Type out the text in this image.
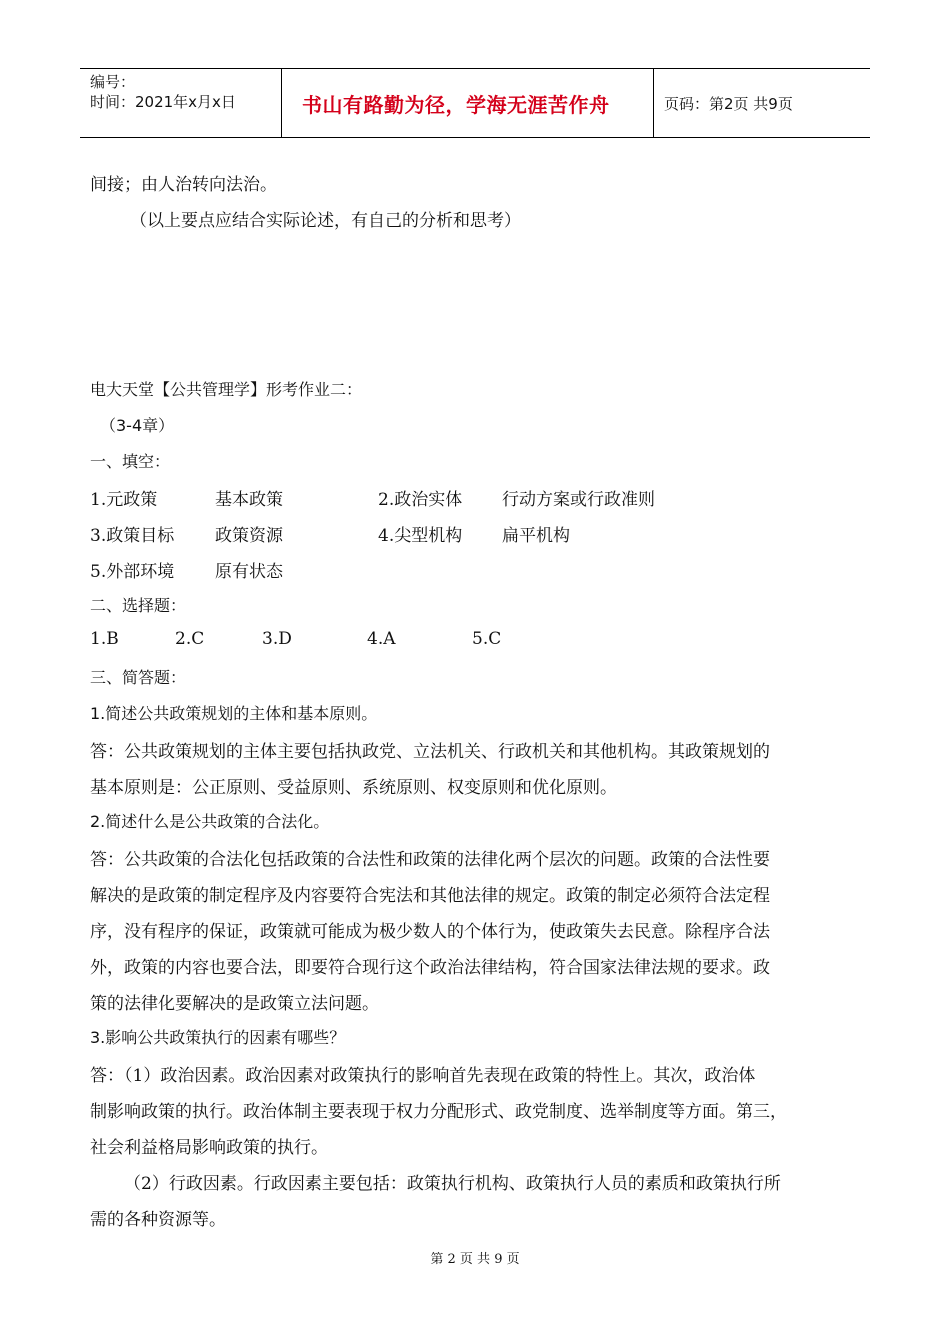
编号：
时间：2021年x月x日	书山有路勤为径，学海无涯苦作舟	页码：第2页 共9页
间接；由人治转向法治。
（以上要点应结合实际论述，有自己的分析和思考）
电大天堂【公共管理学】形考作业二：
（3-4章）
一、填空：
1.元政策	基本政策	2.政治实体 行动方案或行政准则
3.政策目标 政策资源	4.尖型机构 扁平机构
5.外部环境 原有状态
二、选择题：
1.B	2.C	3.D	4.A	5.C
三、简答题：
1.简述公共政策规划的主体和基本原则。
答：公共政策规划的主体主要包括执政党、立法机关、行政机关和其他机构。其政策规划的
基本原则是：公正原则、受益原则、系统原则、权变原则和优化原则。
2.简述什么是公共政策的合法化。
答：公共政策的合法化包括政策的合法性和政策的法律化两个层次的问题。政策的合法性要
解决的是政策的制定程序及内容要符合宪法和其他法律的规定。政策的制定必须符合法定程
序，没有程序的保证，政策就可能成为极少数人的个体行为，使政策失去民意。除程序合法
外，政策的内容也要合法，即要符合现行这个政治法律结构，符合国家法律法规的要求。政
策的法律化要解决的是政策立法问题。
3.影响公共政策执行的因素有哪些？
答：（1）政治因素。政治因素对政策执行的影响首先表现在政策的特性上。其次，政治体
制影响政策的执行。政治体制主要表现于权力分配形式、政党制度、选举制度等方面。第三，
社会利益格局影响政策的执行。
（2）行政因素。行政因素主要包括：政策执行机构、政策执行人员的素质和政策执行所
需的各种资源等。
第 2 页 共 9 页
